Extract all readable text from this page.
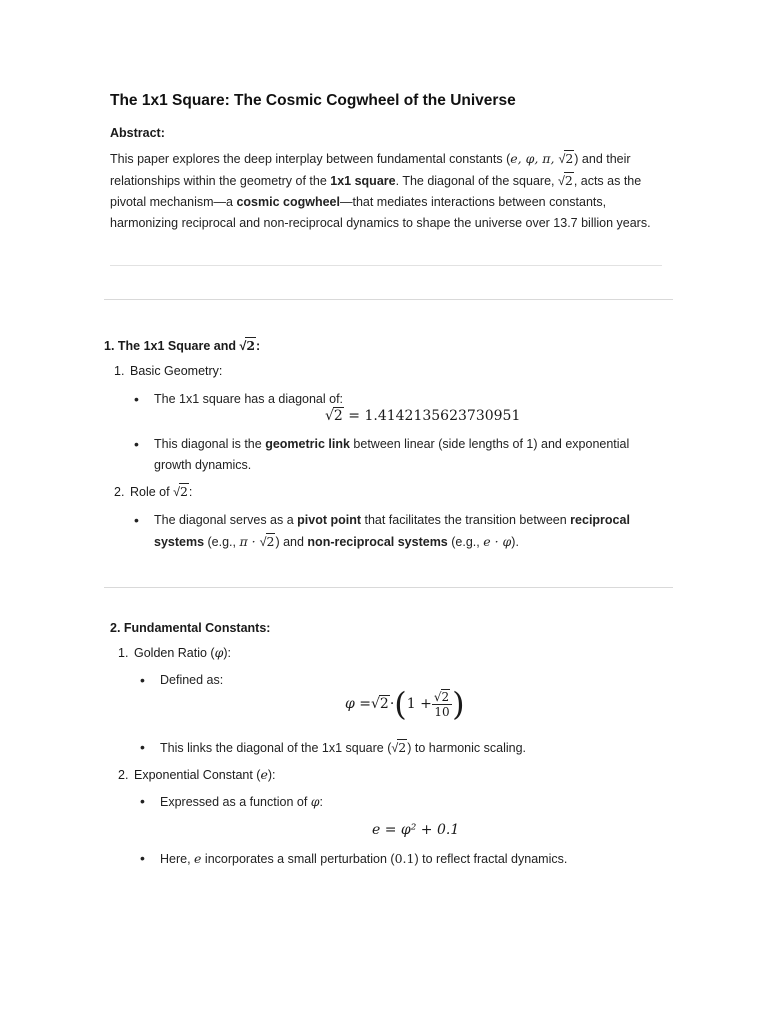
The 1x1 Square: The Cosmic Cogwheel of the Universe
Abstract:
This paper explores the deep interplay between fundamental constants (e, φ, π, √2) and their
relationships within the geometry of the 1x1 square. The diagonal of the square, √2, acts as the
pivotal mechanism—a cosmic cogwheel—that mediates interactions between constants,
harmonizing reciprocal and non-reciprocal dynamics to shape the universe over 13.7 billion years.
1. The 1x1 Square and √2:
1. Basic Geometry:
• The 1x1 square has a diagonal of:
√2 = 1.4142135623730951
• This diagonal is the geometric link between linear (side lengths of 1) and exponential
growth dynamics.
2. Role of √2:
• The diagonal serves as a pivot point that facilitates the transition between reciprocal
systems (e.g., π · √2) and non-reciprocal systems (e.g., e · φ).
2. Fundamental Constants:
1. Golden Ratio (φ):
• Defined as:
φ = √2 · ( $1 + \frac{√2}{10}$ )
• This links the diagonal of the 1x1 square (√2) to harmonic scaling.
2. Exponential Constant (e):
• Expressed as a function of φ:
e = φ² + 0.1
• Here, e incorporates a small perturbation (0.1) to reflect fractal dynamics.
